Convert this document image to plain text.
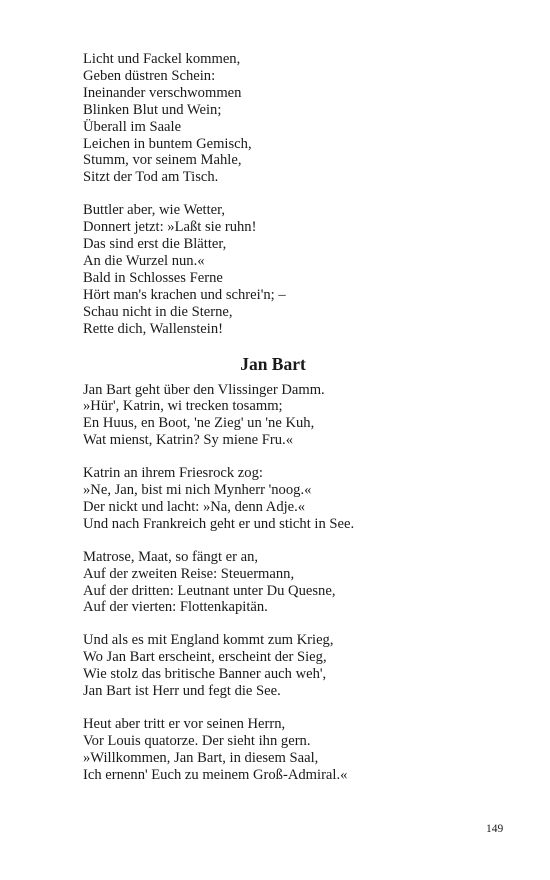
Licht und Fackel kommen,
Geben düstren Schein:
Ineinander verschwommen
Blinken Blut und Wein;
Überall im Saale
Leichen in buntem Gemisch,
Stumm, vor seinem Mahle,
Sitzt der Tod am Tisch.
Buttler aber, wie Wetter,
Donnert jetzt: »Laßt sie ruhn!
Das sind erst die Blätter,
An die Wurzel nun.«
Bald in Schlosses Ferne
Hört man's krachen und schrei'n; –
Schau nicht in die Sterne,
Rette dich, Wallenstein!
Jan Bart
Jan Bart geht über den Vlissinger Damm.
»Hür', Katrin, wi trecken tosamm;
En Huus, en Boot, 'ne Zieg' un 'ne Kuh,
Wat mienst, Katrin? Sy miene Fru.«
Katrin an ihrem Friesrock zog:
»Ne, Jan, bist mi nich Mynherr 'noog.«
Der nickt und lacht: »Na, denn Adje.«
Und nach Frankreich geht er und sticht in See.
Matrose, Maat, so fängt er an,
Auf der zweiten Reise: Steuermann,
Auf der dritten: Leutnant unter Du Quesne,
Auf der vierten: Flottenkapitän.
Und als es mit England kommt zum Krieg,
Wo Jan Bart erscheint, erscheint der Sieg,
Wie stolz das britische Banner auch weh',
Jan Bart ist Herr und fegt die See.
Heut aber tritt er vor seinen Herrn,
Vor Louis quatorze. Der sieht ihn gern.
»Willkommen, Jan Bart, in diesem Saal,
Ich ernenn' Euch zu meinem Groß-Admiral.«
149
